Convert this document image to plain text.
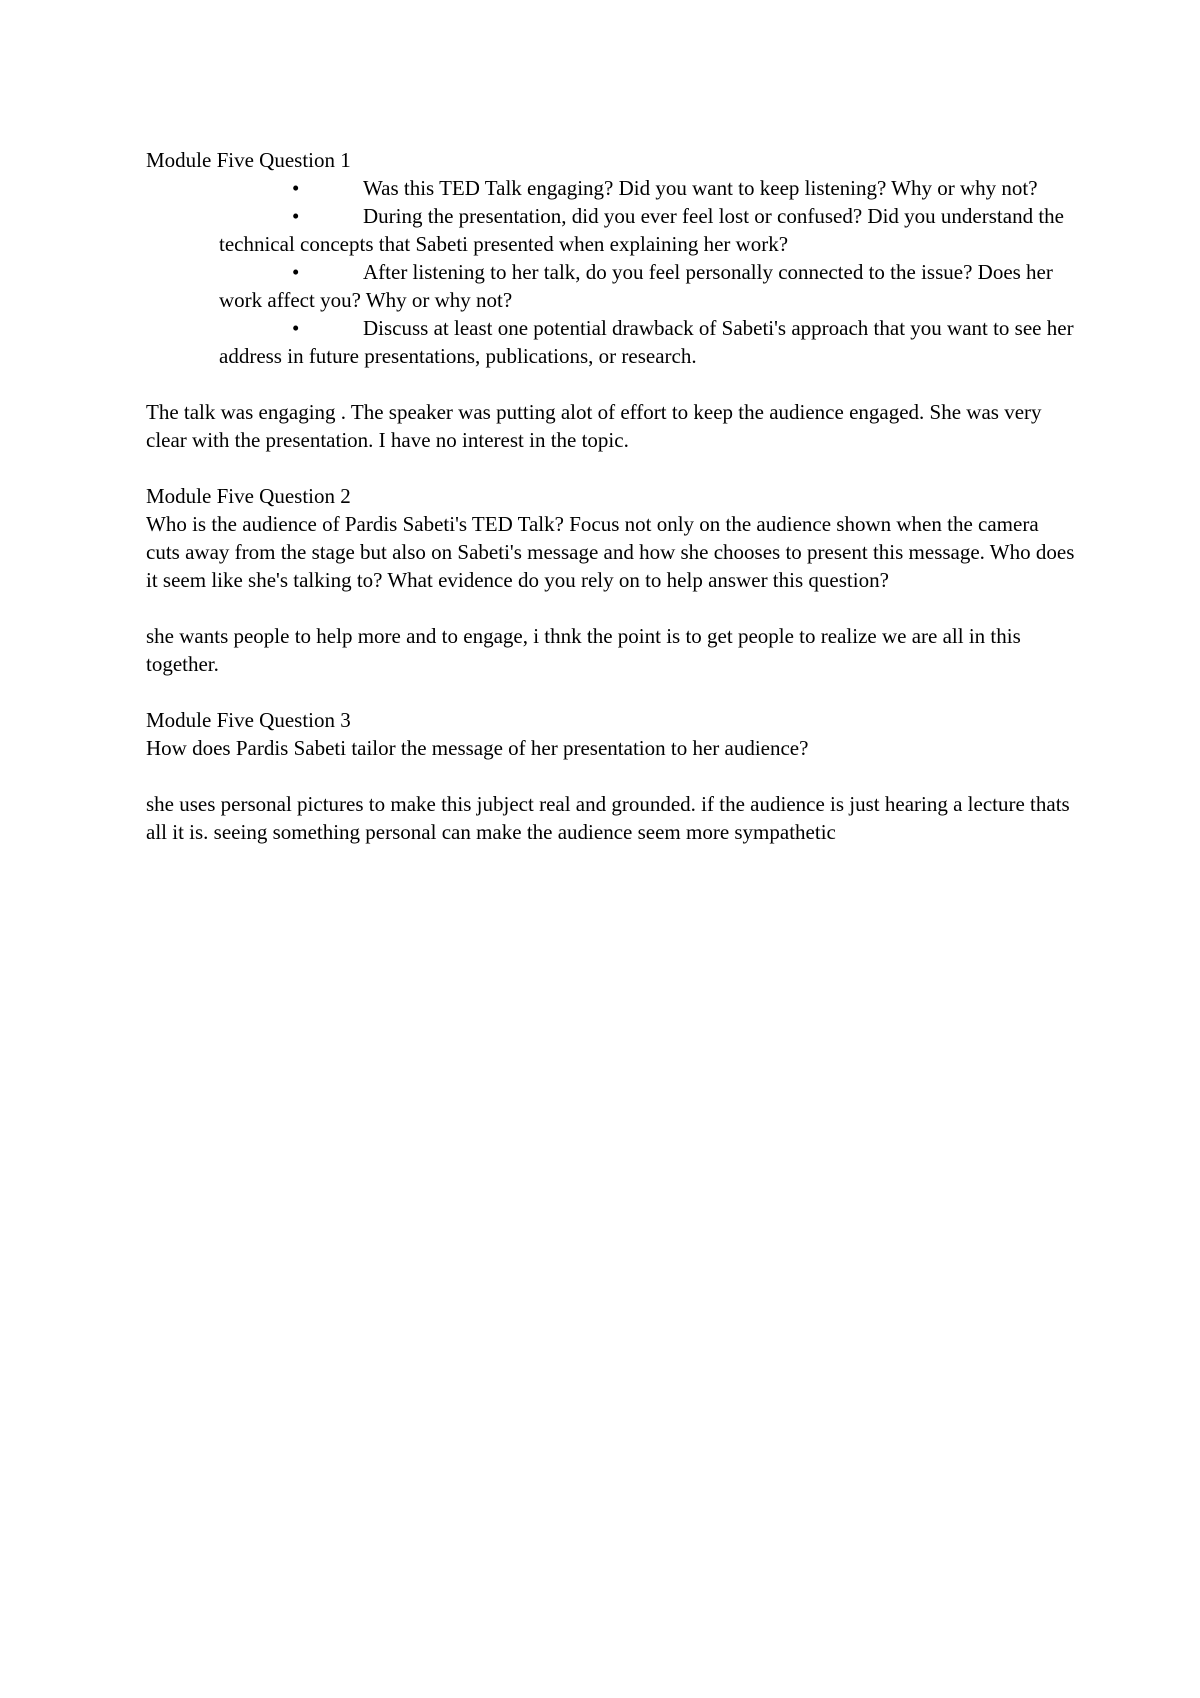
Module Five Question 1

•	Was this TED Talk engaging? Did you want to keep listening? Why or why not?
•	During the presentation, did you ever feel lost or confused? Did you understand the technical concepts that Sabeti presented when explaining her work?
•	After listening to her talk, do you feel personally connected to the issue? Does her work affect you? Why or why not?
•	Discuss at least one potential drawback of Sabeti's approach that you want to see her address in future presentations, publications, or research.

The talk was engaging . The speaker was putting alot of effort to keep the audience engaged. She was very clear with the presentation. I have no interest in the topic.

Module Five Question 2

Who is the audience of Pardis Sabeti's TED Talk? Focus not only on the audience shown when the camera cuts away from the stage but also on Sabeti's message and how she chooses to present this message. Who does it seem like she's talking to? What evidence do you rely on to help answer this question?

she wants people to help more and to engage, i thnk the point is to get people to realize we are all in this together.

Module Five Question 3

How does Pardis Sabeti tailor the message of her presentation to her audience?

she uses personal pictures to make this jubject real and grounded. if the audience is just hearing a lecture thats all it is. seeing something personal can make the audience seem more sympathetic
